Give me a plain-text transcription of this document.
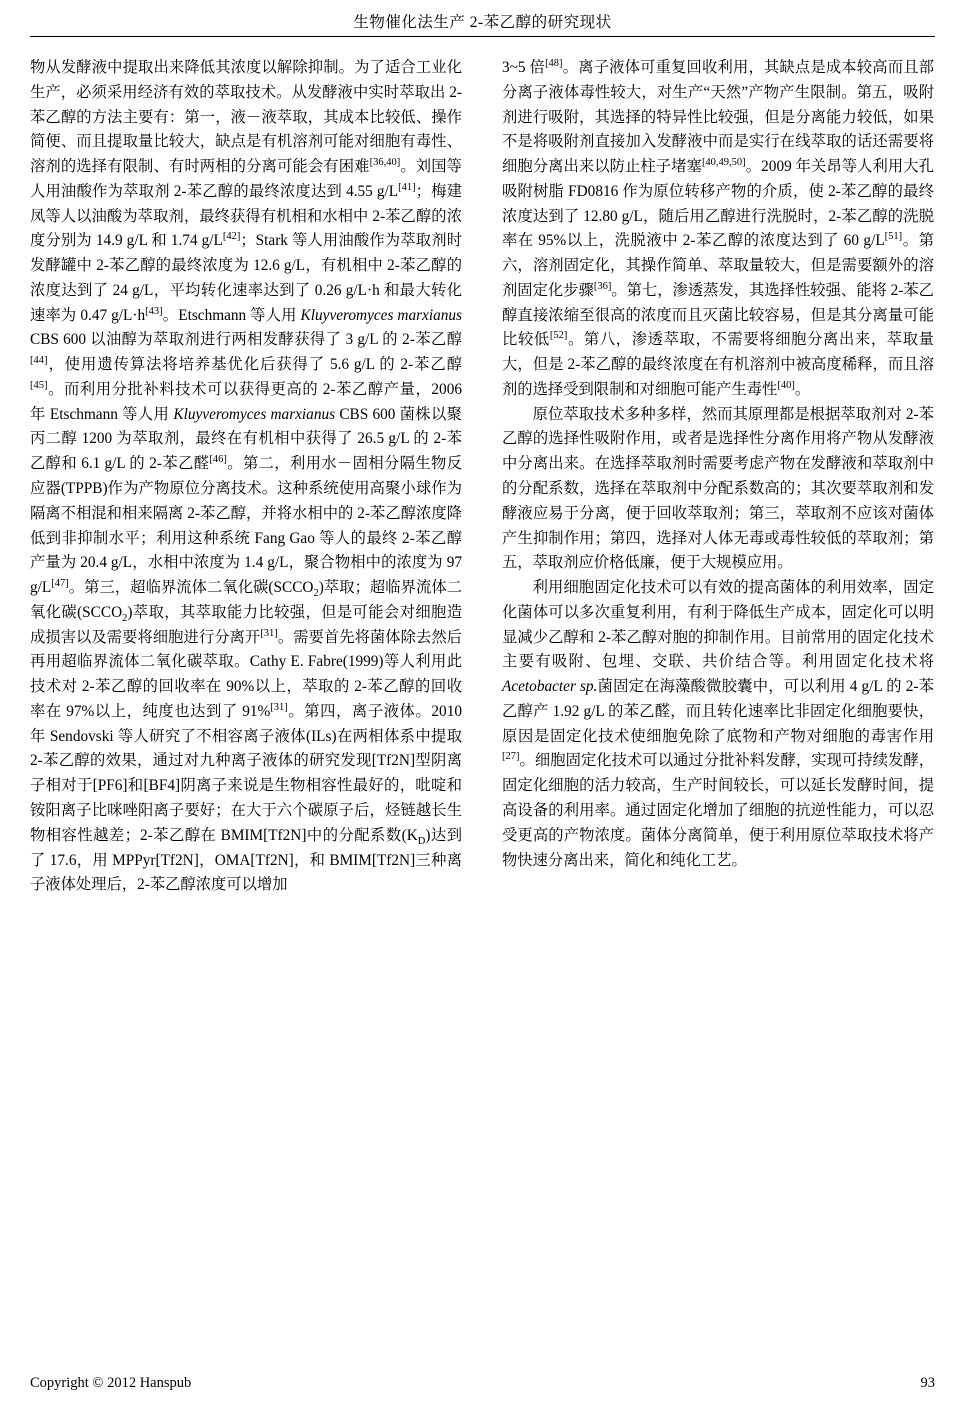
生物催化法生产 2-苯乙醇的研究现状

物从发酵液中提取出来降低其浓度以解除抑制。为了适合工业化生产，必须采用经济有效的萃取技术。从发酵液中实时萃取出 2-苯乙醇的方法主要有：第一，液－液萃取，其成本比较低、操作简便、而且提取量比较大，缺点是有机溶剂可能对细胞有毒性、溶剂的选择有限制、有时两相的分离可能会有困难[36,40]。刘国等人用油酸作为萃取剂 2-苯乙醇的最终浓度达到 4.55 g/L[41]；梅建凤等人以油酸为萃取剂，最终获得有机相和水相中 2-苯乙醇的浓度分别为 14.9 g/L 和 1.74 g/L[42]；Stark 等人用油酸作为萃取剂时发酵罐中 2-苯乙醇的最终浓度为 12.6 g/L，有机相中 2-苯乙醇的浓度达到了 24 g/L，平均转化速率达到了 0.26 g/L·h 和最大转化速率为 0.47 g/L·h[43]。Etschmann 等人用 Kluyveromyces marxianus CBS 600 以油醇为萃取剂进行两相发酵获得了 3 g/L 的 2-苯乙醇[44]，使用遗传算法将培养基优化后获得了 5.6 g/L 的 2-苯乙醇[45]。而利用分批补料技术可以获得更高的 2-苯乙醇产量，2006 年 Etschmann 等人用 Kluyveromyces marxianus CBS 600 菌株以聚丙二醇 1200 为萃取剂，最终在有机相中获得了 26.5 g/L 的 2-苯乙醇和 6.1 g/L 的 2-苯乙醛[46]。第二，利用水－固相分隔生物反应器(TPPB)作为产物原位分离技术。这种系统使用高聚小球作为隔离不相混和相来隔离 2-苯乙醇，并将水相中的 2-苯乙醇浓度降低到非抑制水平；利用这种系统 Fang Gao 等人的最终 2-苯乙醇产量为 20.4 g/L，水相中浓度为 1.4 g/L，聚合物相中的浓度为 97 g/L[47]。第三，超临界流体二氧化碳$(SCCO_2)$萃取；超临界流体二氧化碳$(SCCO_2)$萃取，其萃取能力比较强，但是可能会对细胞造成损害以及需要将细胞进行分离开[31]。需要首先将菌体除去然后再用超临界流体二氧化碳萃取。Cathy E. Fabre(1999)等人利用此技术对 2-苯乙醇的回收率在 90%以上，萃取的 2-苯乙醇的回收率在 97%以上，纯度也达到了 91%[31]。第四，离子液体。2010 年 Sendovski 等人研究了不相容离子液体(ILs)在两相体系中提取 2-苯乙醇的效果，通过对九种离子液体的研究发现[Tf2N]型阴离子相对于[PF6]和[BF4]阴离子来说是生物相容性最好的，吡啶和铵阳离子比咪唑阳离子要好；在大于六个碳原子后，烃链越长生物相容性越差；2-苯乙醇在 BMIM[Tf2N]中的分配系数$(K_D)$达到了 17.6，用 MPPyr[Tf2N]，OMA[Tf2N]，和 BMIM[Tf2N]三种离子液体处理后，2-苯乙醇浓度可以增加

3~5 倍[48]。离子液体可重复回收利用，其缺点是成本较高而且部分离子液体毒性较大，对生产“天然”产物产生限制。第五，吸附剂进行吸附，其选择的特异性比较强，但是分离能力较低，如果不是将吸附剂直接加入发酵液中而是实行在线萃取的话还需要将细胞分离出来以防止柱子堵塞[40,49,50]。2009 年关昂等人利用大孔吸附树脂 FD0816 作为原位转移产物的介质，使 2-苯乙醇的最终浓度达到了 12.80 g/L，随后用乙醇进行洗脱时，2-苯乙醇的洗脱率在 95%以上，洗脱液中 2-苯乙醇的浓度达到了 60 g/L[51]。第六，溶剂固定化，其操作简单、萃取量较大，但是需要额外的溶剂固定化步骤[36]。第七，渗透蒸发，其选择性较强、能将 2-苯乙醇直接浓缩至很高的浓度而且灭菌比较容易，但是其分离量可能比较低[52]。第八，渗透萃取，不需要将细胞分离出来，萃取量大，但是 2-苯乙醇的最终浓度在有机溶剂中被高度稀释，而且溶剂的选择受到限制和对细胞可能产生毒性[40]。

原位萃取技术多种多样，然而其原理都是根据萃取剂对 2-苯乙醇的选择性吸附作用，或者是选择性分离作用将产物从发酵液中分离出来。在选择萃取剂时需要考虑产物在发酵液和萃取剂中的分配系数，选择在萃取剂中分配系数高的；其次要萃取剂和发酵液应易于分离，便于回收萃取剂；第三，萃取剂不应该对菌体产生抑制作用；第四，选择对人体无毒或毒性较低的萃取剂；第五，萃取剂应价格低廉，便于大规模应用。

利用细胞固定化技术可以有效的提高菌体的利用效率，固定化菌体可以多次重复利用，有利于降低生产成本，固定化可以明显减少乙醇和 2-苯乙醇对胞的抑制作用。目前常用的固定化技术主要有吸附、包埋、交联、共价结合等。利用固定化技术将 Acetobacter sp.菌固定在海藻酸微胶囊中，可以利用 4 g/L 的 2-苯乙醇产 1.92 g/L 的苯乙醛，而且转化速率比非固定化细胞要快，原因是固定化技术使细胞免除了底物和产物对细胞的毒害作用[27]。细胞固定化技术可以通过分批补料发酵，实现可持续发酵，固定化细胞的活力较高，生产时间较长，可以延长发酵时间，提高设备的利用率。通过固定化增加了细胞的抗逆性能力，可以忍受更高的产物浓度。菌体分离简单，便于利用原位萃取技术将产物快速分离出来，简化和纯化工艺。

Copyright © 2012 Hanspub	93
